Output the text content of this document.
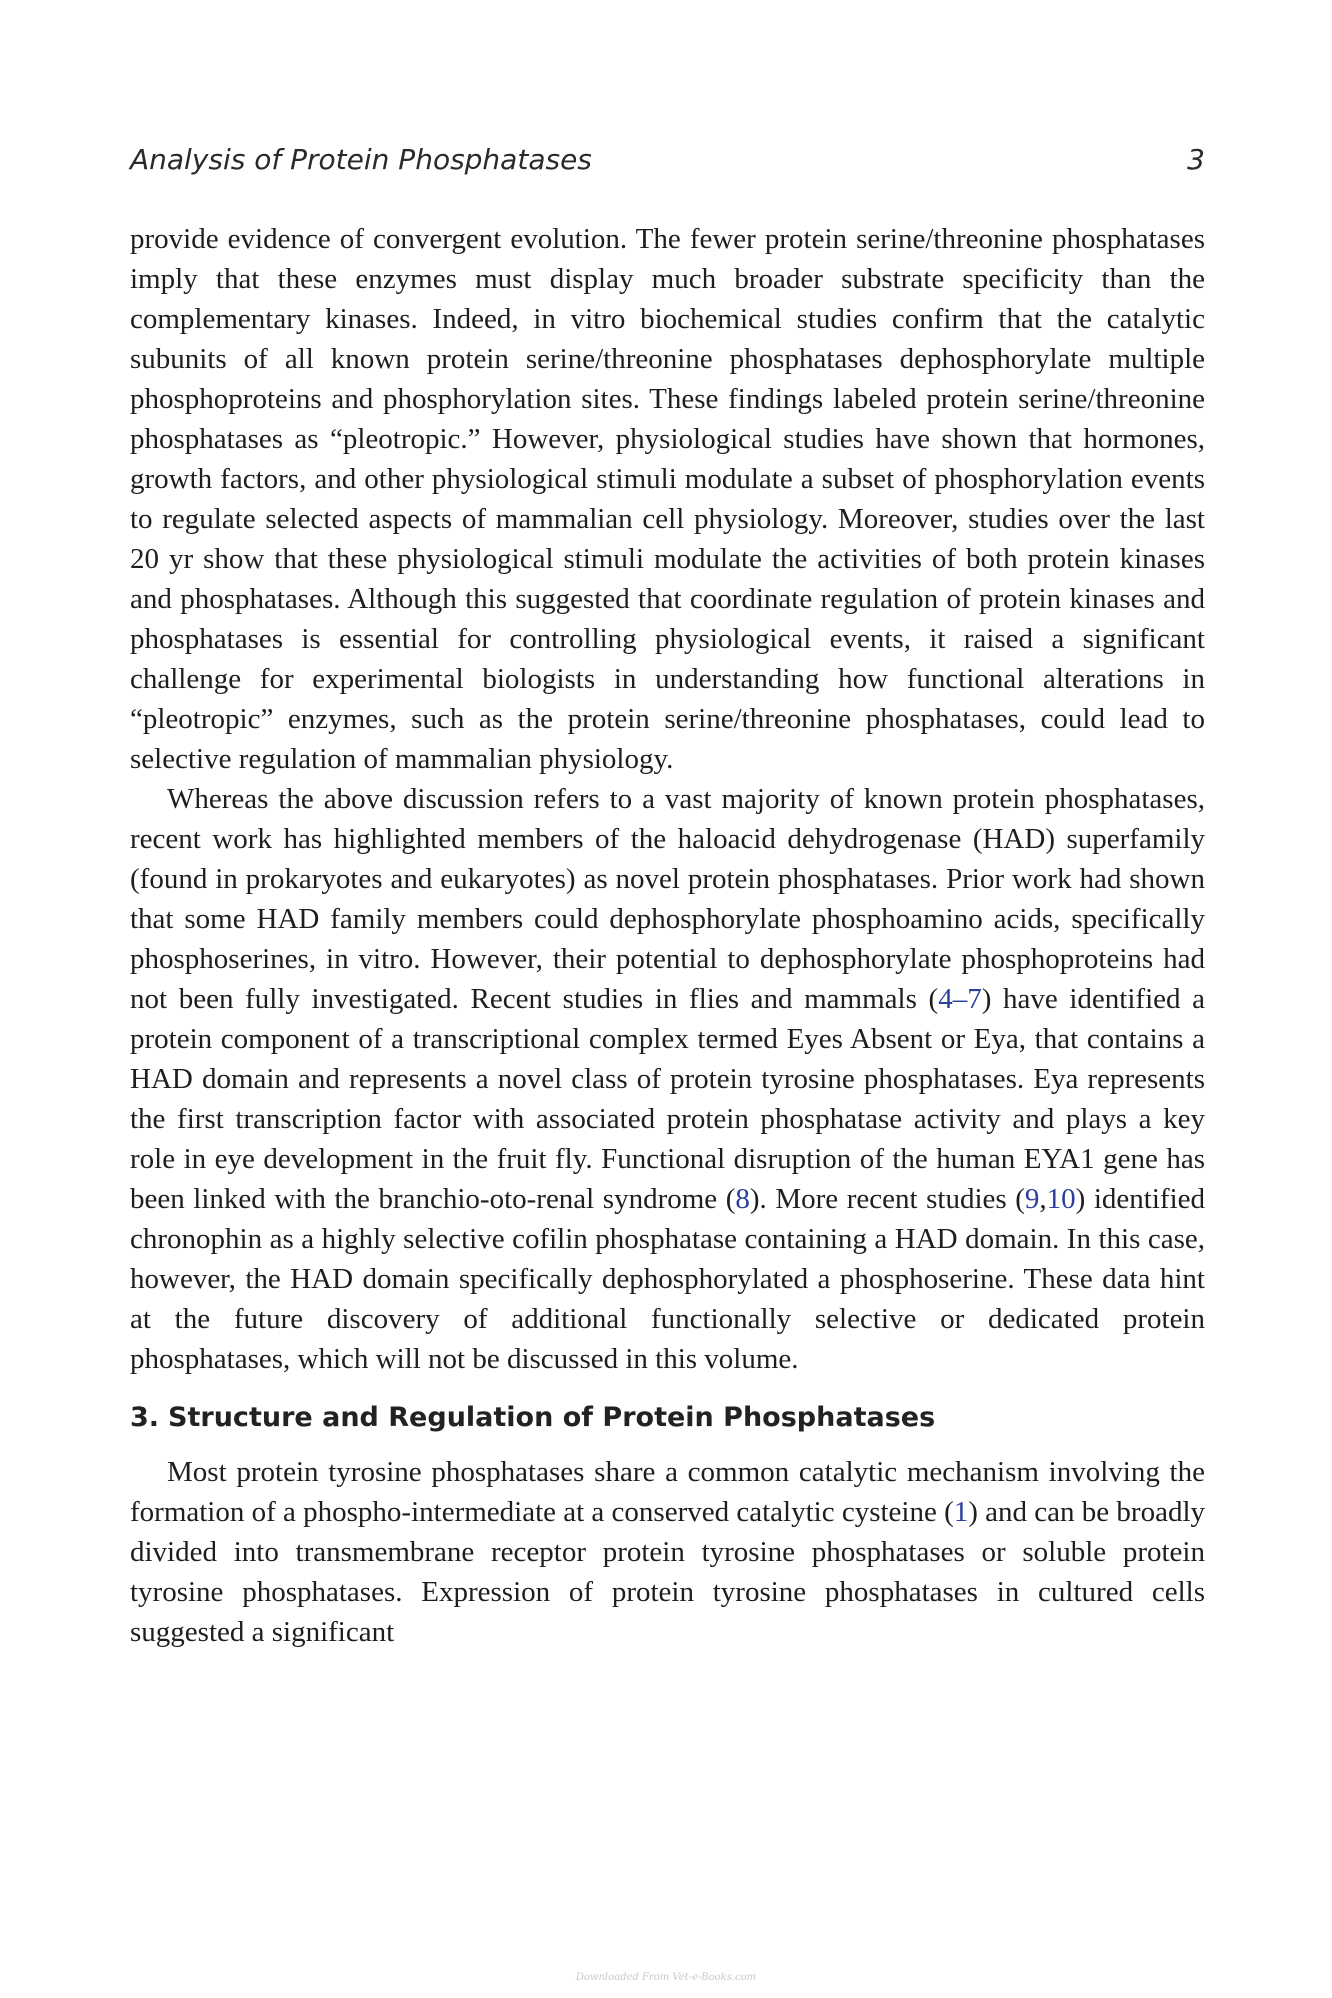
Analysis of Protein Phosphatases	3

provide evidence of convergent evolution. The fewer protein serine/threonine phosphatases imply that these enzymes must display much broader substrate specificity than the complementary kinases. Indeed, in vitro biochemical studies confirm that the catalytic subunits of all known protein serine/threonine phosphatases dephosphorylate multiple phosphoproteins and phosphorylation sites. These findings labeled protein serine/threonine phosphatases as “pleotropic.” However, physiological studies have shown that hormones, growth factors, and other physiological stimuli modulate a subset of phosphorylation events to regulate selected aspects of mammalian cell physiology. Moreover, studies over the last 20 yr show that these physiological stimuli modulate the activities of both protein kinases and phosphatases. Although this suggested that coordinate regulation of protein kinases and phosphatases is essential for controlling physiological events, it raised a significant challenge for experimental biologists in understanding how functional alterations in “pleotropic” enzymes, such as the protein serine/threonine phosphatases, could lead to selective regulation of mammalian physiology.

Whereas the above discussion refers to a vast majority of known protein phosphatases, recent work has highlighted members of the haloacid dehydrogenase (HAD) superfamily (found in prokaryotes and eukaryotes) as novel protein phosphatases. Prior work had shown that some HAD family members could dephosphorylate phosphoamino acids, specifically phosphoserines, in vitro. However, their potential to dephosphorylate phosphoproteins had not been fully investigated. Recent studies in flies and mammals (4–7) have identified a protein component of a transcriptional complex termed Eyes Absent or Eya, that contains a HAD domain and represents a novel class of protein tyrosine phosphatases. Eya represents the first transcription factor with associated protein phosphatase activity and plays a key role in eye development in the fruit fly. Functional disruption of the human EYA1 gene has been linked with the branchio-oto-renal syndrome (8). More recent studies (9,10) identified chronophin as a highly selective cofilin phosphatase containing a HAD domain. In this case, however, the HAD domain specifically dephosphorylated a phosphoserine. These data hint at the future discovery of additional functionally selective or dedicated protein phosphatases, which will not be discussed in this volume.

3. Structure and Regulation of Protein Phosphatases

Most protein tyrosine phosphatases share a common catalytic mechanism involving the formation of a phospho-intermediate at a conserved catalytic cysteine (1) and can be broadly divided into transmembrane receptor protein tyrosine phosphatases or soluble protein tyrosine phosphatases. Expression of protein tyrosine phosphatases in cultured cells suggested a significant

Downloaded From Vet-e-Books.com
